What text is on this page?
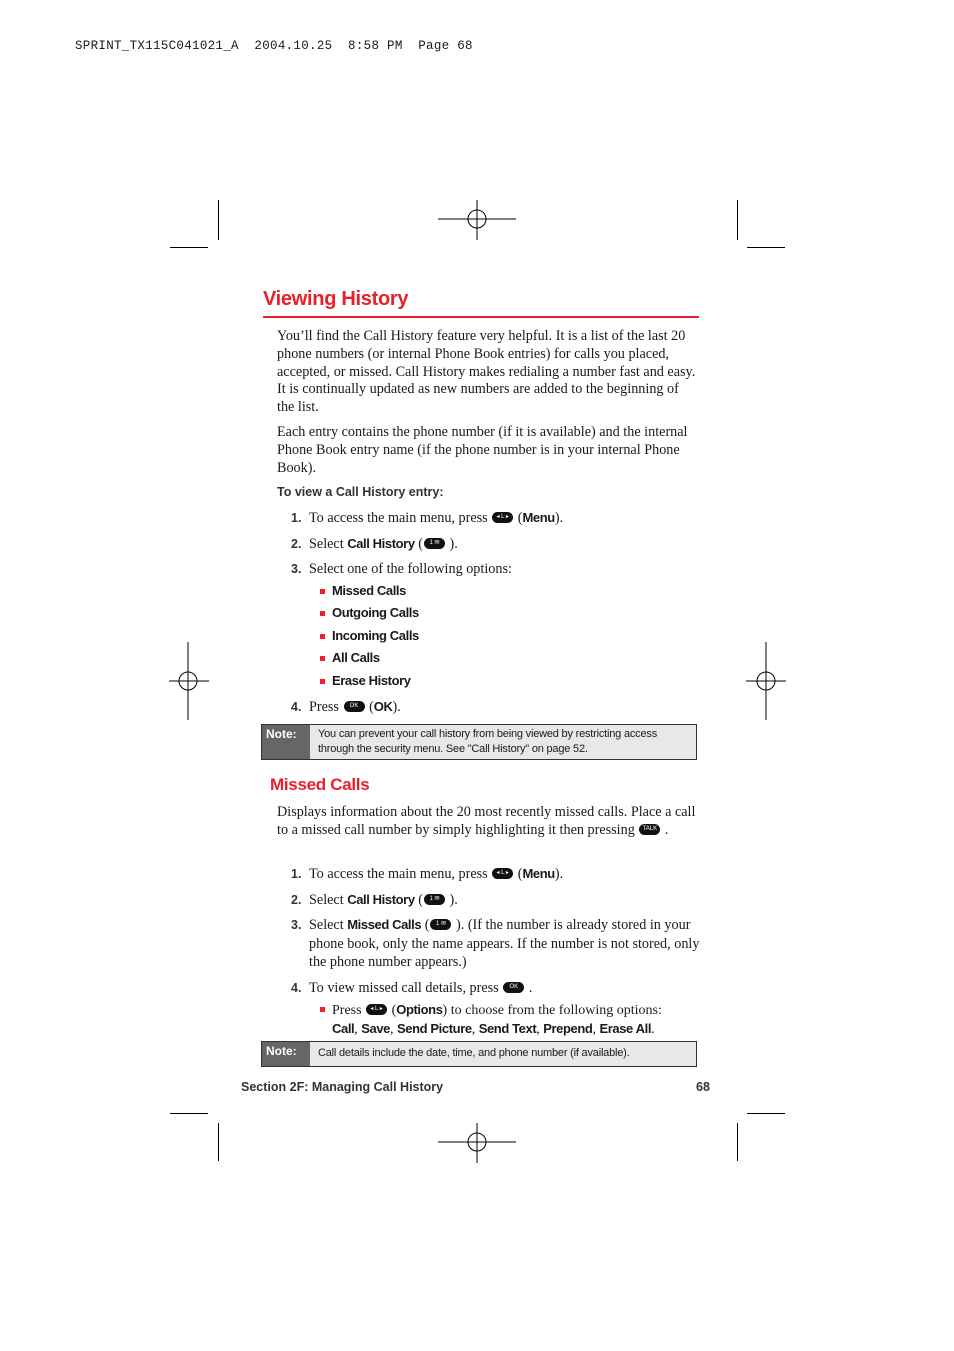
SPRINT_TX115C041021_A  2004.10.25  8:58 PM  Page 68
Viewing History
You’ll find the Call History feature very helpful. It is a list of the last 20 phone numbers (or internal Phone Book entries) for calls you placed, accepted, or missed. Call History makes redialing a number fast and easy. It is continually updated as new numbers are added to the beginning of the list.
Each entry contains the phone number (if it is available) and the internal Phone Book entry name (if the phone number is in your internal Phone Book).
To view a Call History entry:
1. To access the main menu, press ◂ L ▸ (Menu).
2. Select Call History ( 1 ✉ ).
3. Select one of the following options:
Missed Calls
Outgoing Calls
Incoming Calls
All Calls
Erase History
4. Press OK (OK).
Note:	You can prevent your call history from being viewed by restricting access through the security menu. See "Call History" on page 52.
Missed Calls
Displays information about the 20 most recently missed calls. Place a call to a missed call number by simply highlighting it then pressing TALK .
1. To access the main menu, press ◂ L ▸ (Menu).
2. Select Call History ( 1 ✉ ).
3. Select Missed Calls ( 1 ✉ ). (If the number is already stored in your phone book, only the name appears. If the number is not stored, only the phone number appears.)
4. To view missed call details, press OK .
Press ◂ L ▸ (Options) to choose from the following options:
Call, Save, Send Picture, Send Text, Prepend, Erase All.
Note:	Call details include the date, time, and phone number (if available).
Section 2F: Managing Call History	68
